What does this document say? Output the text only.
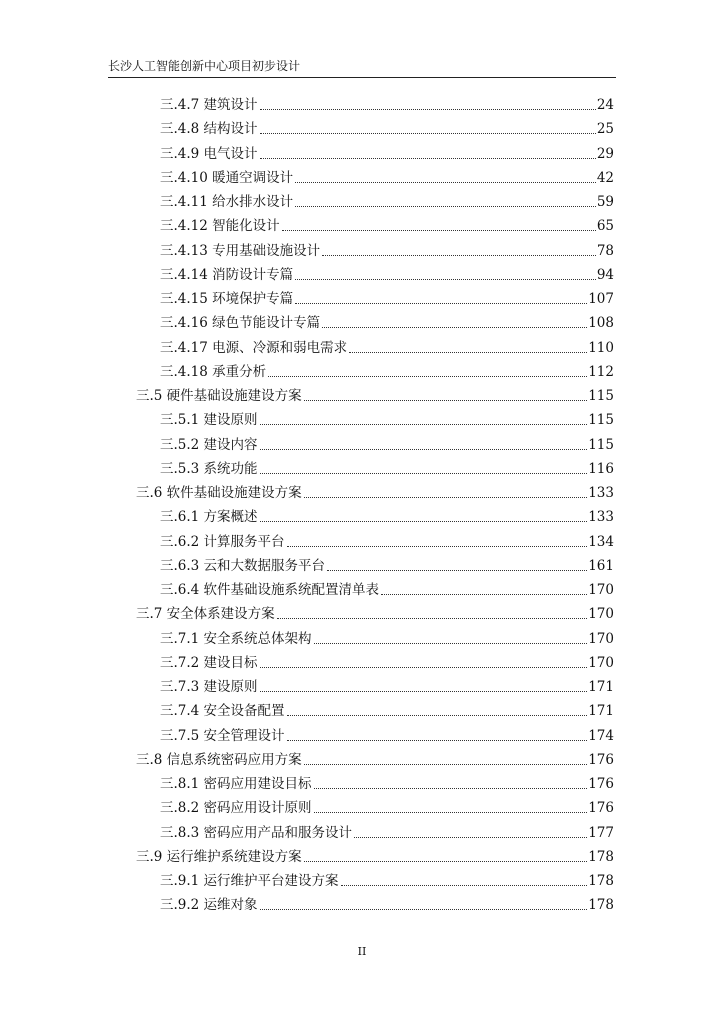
长沙人工智能创新中心项目初步设计
三.4.7 建筑设计	24
三.4.8 结构设计	25
三.4.9 电气设计	29
三.4.10 暖通空调设计	42
三.4.11 给水排水设计	59
三.4.12 智能化设计	65
三.4.13 专用基础设施设计	78
三.4.14 消防设计专篇	94
三.4.15 环境保护专篇	107
三.4.16 绿色节能设计专篇	108
三.4.17 电源、冷源和弱电需求	110
三.4.18 承重分析	112
三.5 硬件基础设施建设方案	115
三.5.1 建设原则	115
三.5.2 建设内容	115
三.5.3 系统功能	116
三.6 软件基础设施建设方案	133
三.6.1 方案概述	133
三.6.2 计算服务平台	134
三.6.3 云和大数据服务平台	161
三.6.4 软件基础设施系统配置清单表	170
三.7 安全体系建设方案	170
三.7.1 安全系统总体架构	170
三.7.2 建设目标	170
三.7.3 建设原则	171
三.7.4 安全设备配置	171
三.7.5 安全管理设计	174
三.8 信息系统密码应用方案	176
三.8.1 密码应用建设目标	176
三.8.2 密码应用设计原则	176
三.8.3 密码应用产品和服务设计	177
三.9 运行维护系统建设方案	178
三.9.1 运行维护平台建设方案	178
三.9.2 运维对象	178
II
